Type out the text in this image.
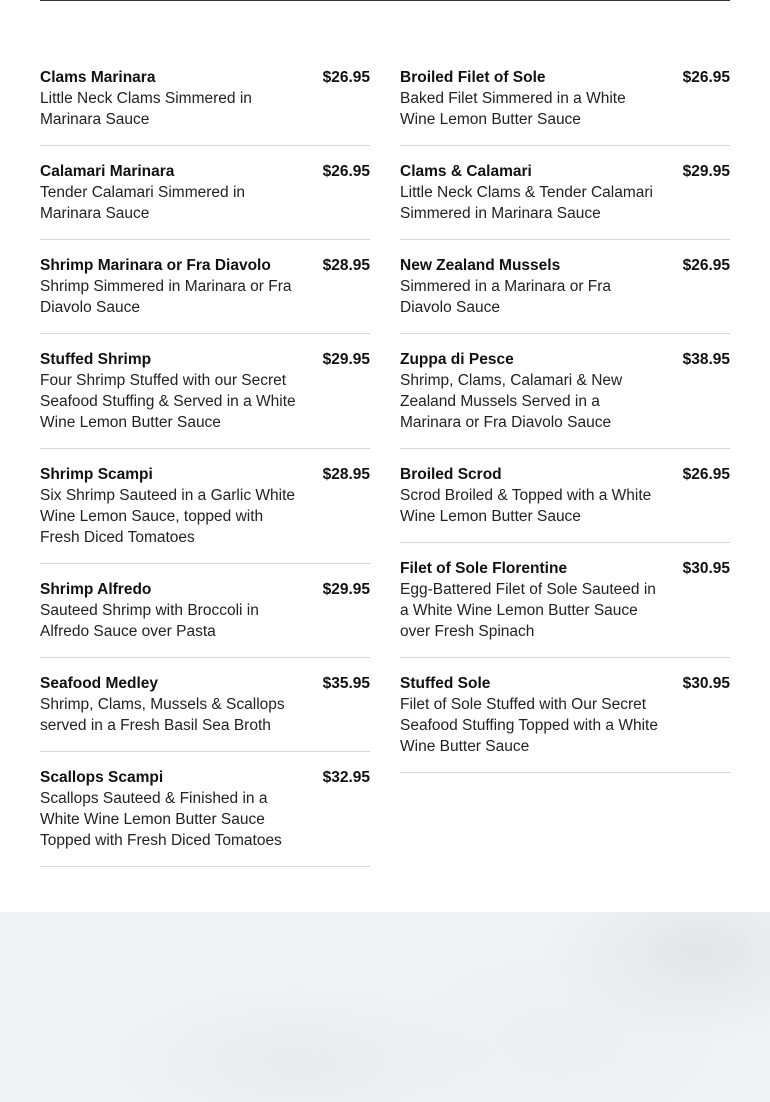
Clams Marinara	$26.95
Little Neck Clams Simmered in Marinara Sauce
Calamari Marinara	$26.95
Tender Calamari Simmered in Marinara Sauce
Shrimp Marinara or Fra Diavolo	$28.95
Shrimp Simmered in Marinara or Fra Diavolo Sauce
Stuffed Shrimp	$29.95
Four Shrimp Stuffed with our Secret Seafood Stuffing & Served in a White Wine Lemon Butter Sauce
Shrimp Scampi	$28.95
Six Shrimp Sauteed in a Garlic White Wine Lemon Sauce, topped with Fresh Diced Tomatoes
Shrimp Alfredo	$29.95
Sauteed Shrimp with Broccoli in Alfredo Sauce over Pasta
Seafood Medley	$35.95
Shrimp, Clams, Mussels & Scallops served in a Fresh Basil Sea Broth
Scallops Scampi	$32.95
Scallops Sauteed & Finished in a White Wine Lemon Butter Sauce Topped with Fresh Diced Tomatoes
Broiled Filet of Sole	$26.95
Baked Filet Simmered in a White Wine Lemon Butter Sauce
Clams & Calamari	$29.95
Little Neck Clams & Tender Calamari Simmered in Marinara Sauce
New Zealand Mussels	$26.95
Simmered in a Marinara or Fra Diavolo Sauce
Zuppa di Pesce	$38.95
Shrimp, Clams, Calamari & New Zealand Mussels Served in a Marinara or Fra Diavolo Sauce
Broiled Scrod	$26.95
Scrod Broiled & Topped with a White Wine Lemon Butter Sauce
Filet of Sole Florentine	$30.95
Egg-Battered Filet of Sole Sauteed in a White Wine Lemon Butter Sauce over Fresh Spinach
Stuffed Sole	$30.95
Filet of Sole Stuffed with Our Secret Seafood Stuffing Topped with a White Wine Butter Sauce
